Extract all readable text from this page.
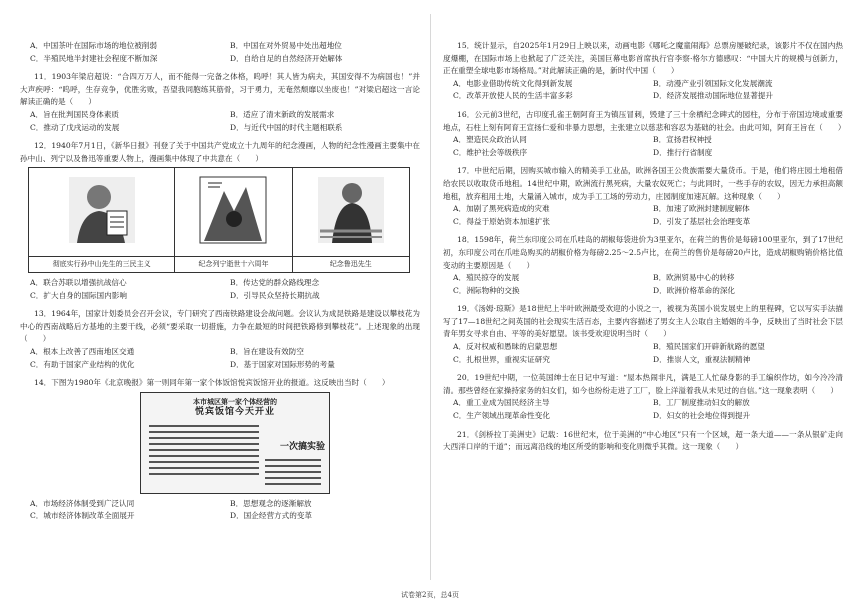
A．中国茶叶在国际市场的地位被削弱	B．中国在对外贸易中处出超地位
C．半殖民地半封建社会程度不断加深	D．自给自足的自然经济开始解体

11．1903年梁启超说：“合四万万人，而不能得一完备之体格，呜呼！其人皆为病夫，其国安得不为病国也！”并大声疾呼：“呜呼，生存竞争，优胜劣败，吾望我同胞练其筋骨，习于勇力，无奄然颓靡以坐废也！”对梁启超这一言论解读正确的是（　　）

A．旨在批判国民身体素质	B．适应了清末新政的发展需求
C．推动了戊戌运动的发展	D．与近代中国的时代主题相联系

12．1940年7月1日，《新华日报》刊登了关于中国共产党成立十九周年的纪念漫画，人物的纪念性漫画主要集中在孙中山、列宁以及鲁迅等重要人物上，漫画集中体现了中共意在（　　）

彻底实行孙中山先生的三民主义	纪念列宁逝世十六周年	纪念鲁迅先生
A．联合苏联以增强抗战信心	B．传达党的群众路线理念
C．扩大自身的国际国内影响	D．引导民众坚持长期抗战

13．1964年，国家计划委员会召开会议，专门研究了西南铁路建设会战问题。会议认为成昆铁路是建设以攀枝花为中心的西南战略后方基地的主要干线，必须“要采取一切措施，力争在最短的时间把铁路修到攀枝花”。上述现象的出现（　　）

A．根本上改善了西南地区交通	B．旨在建设有效防空
C．有助于国家产业结构的优化	D．基于国家对国际形势的考量

14．下图为1980年《北京晚报》第一则同年第一家个体饭馆悦宾饭馆开业的报道。这反映出当时（　　）

本市城区第一家个体经营的
悦宾饭馆今天开业
一次搞实验
A．市场经济体制受到广泛认同	B．思想观念的逐渐解放
C．城市经济体制改革全面展开	D．国企经营方式的变革

15．统计显示，自2025年1月29日上映以来，动画电影《哪吒之魔童闹海》总票房屡破纪录，该影片不仅在国内热度爆棚，在国际市场上也掀起了广泛关注，美国巨幕电影首席执行官李察·格尔方德感叹：“中国大片的规模与创新力，正在重塑全球电影市场格局。”对此解读正确的是，新时代中国（　　）

A．电影业借助传统文化得到新发展	B．动漫产业引领国际文化发展潮流
C．改革开放使人民的生活丰富多彩	D．经济发展推动国际地位显著提升

16．公元前3世纪，古印度孔雀王朝阿育王为镇压冒刺，毁建了三十余栖纪念碑式的园柱，分布于帝国边境或重要地点，石柱上刻有阿育王宣扬仁爱和非暴力思想，主张建立以慈悲和容忍为基础的社会。由此可知，阿育王旨在（　　）

A．塑造民众政治认同	B．宣扬君权神授
C．维护社会等级秩序	D．推行行省制度

17．中世纪后期，因购买城市输入的精美手工业品，欧洲各国王公贵族需要大量货币。于是，他们将庄园土地租借给农民以收取货币地租。14世纪中期，欧洲流行黑死病，大量农奴死亡；与此同时，一些手存的农奴，因无力承担高额地租，放弃租用土地，大量涌入城市，成为手工工场的劳动力，庄园制度加速瓦解。这种现象（　　）

A．加剧了黑死病造成的灾难	B．加速了欧洲封建制度解体
C．得益于原始资本加速扩张	D．引发了基层社会治理变革

18．1598年，荷兰东印度公司在爪哇岛的胡椒每袋进价为3里亚尔，在荷兰的售价是每磅100里亚尔，到了17世纪初，东印度公司在爪哇岛购买的胡椒价格为每磅2.25～2.5卢比，在荷兰的售价是每磅20卢比，造成胡椒购销价格比值变动的主要原因是（　　）

A．殖民掠夺的发展	B．欧洲贸易中心的转移
C．洲际物种的交换	D．欧洲价格革命的深化

19．《汤姆·琼斯》是18世纪上半叶欧洲最受欢迎的小说之一，被视为英国小说发展史上的里程碑，它以写实手法描写了17—18世纪之间英国的社会现实生活百态，主要内容描述了男女主人公取自主婚姻的斗争，反映出了当时社会下层青年男女寻求自由、平等的美好愿望。该书受欢迎说明当时（　　）

A．反对权威和愚昧的启蒙思想	B．殖民国家们开辟新航路的愿望
C．扎根世界，重视实证研究	D．推崇人文，重视法制精神

20．19世纪中期，一位英国绅士在日记中写道：“屋本热闹非凡，满是工人忙碌身影的手工编织作坊，如今冷冷清清。那些曾经在家操持家务的妇女们，如今也纷纷走进了工厂，脸上洋溢着我从未见过的自信。”这一现象表明（　　）

A．重工业成为国民经济主导	B．工厂制度推动妇女的解放
C．生产领域出现革命性变化	D．妇女的社会地位得到提升

21．《剑桥拉丁美洲史》记载：16世纪末，位于美洲的“中心地区”只有一个区域，超一条大道——一条从银矿走向大西洋口岸的干道”；而远离沿线的地区所受的影响和变化则微乎其微。这一现象（　　）

试卷第2页，总4页
